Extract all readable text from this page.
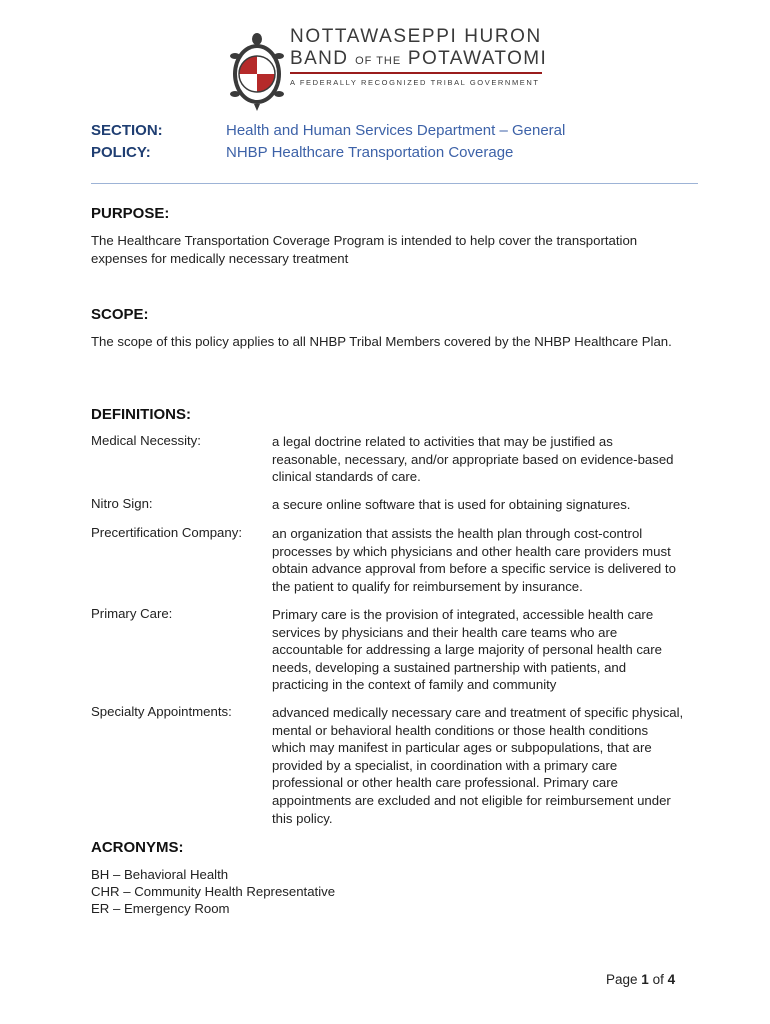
NOTTAWASEPPI HURON
BAND OF THE POTAWATOMI
A FEDERALLY RECOGNIZED TRIBAL GOVERNMENT
SECTION:	Health and Human Services Department – General
POLICY:	NHBP Healthcare Transportation Coverage
PURPOSE:
The Healthcare Transportation Coverage Program is intended to help cover the transportation expenses for medically necessary treatment
SCOPE:
The scope of this policy applies to all NHBP Tribal Members covered by the NHBP Healthcare Plan.
DEFINITIONS:
Medical Necessity:	a legal doctrine related to activities that may be justified as reasonable, necessary, and/or appropriate based on evidence-based clinical standards of care.
Nitro Sign:	a secure online software that is used for obtaining signatures.
Precertification Company: an organization that assists the health plan through cost-control processes by which physicians and other health care providers must obtain advance approval from before a specific service is delivered to the patient to qualify for reimbursement by insurance.
Primary Care:	Primary care is the provision of integrated, accessible health care services by physicians and their health care teams who are accountable for addressing a large majority of personal health care needs, developing a sustained partnership with patients, and practicing in the context of family and community
Specialty Appointments:	advanced medically necessary care and treatment of specific physical, mental or behavioral health conditions or those health conditions which may manifest in particular ages or subpopulations, that are provided by a specialist, in coordination with a primary care professional or other health care professional. Primary care appointments are excluded and not eligible for reimbursement under this policy.
ACRONYMS:
BH – Behavioral Health
CHR – Community Health Representative
ER – Emergency Room
Page 1 of 4
